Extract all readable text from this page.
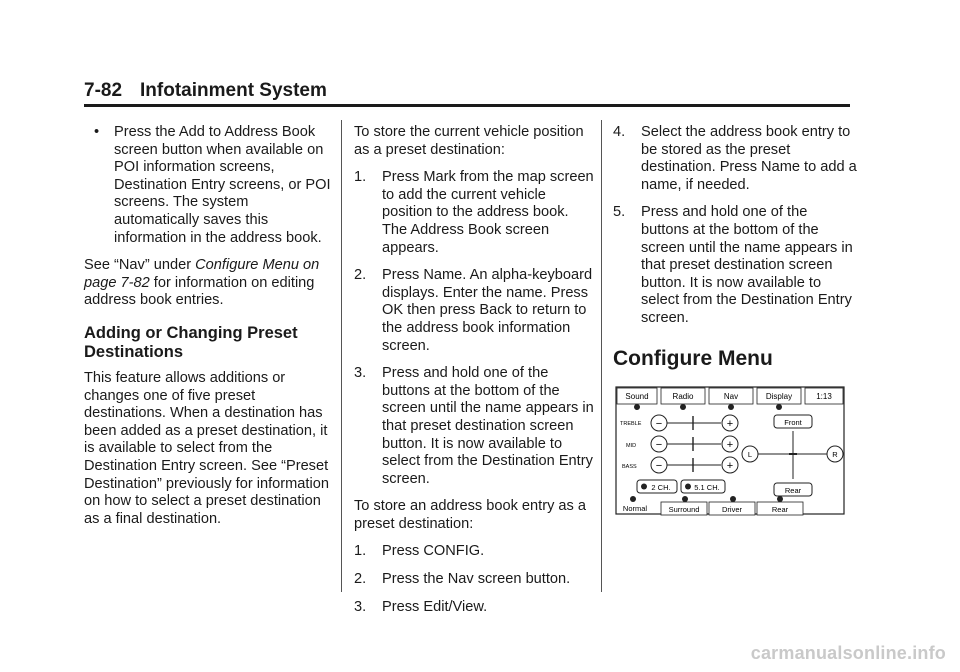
7-82 Infotainment System
• Press the Add to Address Book screen button when available on POI information screens, Destination Entry screens, or POI screens. The system automatically saves this information in the address book.

See “Nav” under Configure Menu on page 7-82 for information on editing address book entries.

Adding or Changing Preset Destinations

This feature allows additions or changes one of five preset destinations. When a destination has been added as a preset destination, it is available to select from the Destination Entry screen. See “Preset Destination” previously for information on how to select a preset destination as a final destination.

To store the current vehicle position as a preset destination:

1. Press Mark from the map screen to add the current vehicle position to the address book. The Address Book screen appears.
2. Press Name. An alpha-keyboard displays. Enter the name. Press OK then press Back to return to the address book information screen.
3. Press and hold one of the buttons at the bottom of the screen until the name appears in that preset destination screen button. It is now available to select from the Destination Entry screen.

To store an address book entry as a preset destination:

1. Press CONFIG.
2. Press the Nav screen button.
3. Press Edit/View.
4. Select the address book entry to be stored as the preset destination. Press Name to add a name, if needed.
5. Press and hold one of the buttons at the bottom of the screen until the name appears in that preset destination screen button. It is now available to select from the Destination Entry screen.
Configure Menu
Sound	Radio	Nav	Display	1:13
TREBLE
MID
BASS
−	+
−	+
−	+
Front
Rear
L	R
2 CH.	5.1 CH.
Normal	Surround	Driver	Rear
carmanualsonline.info
